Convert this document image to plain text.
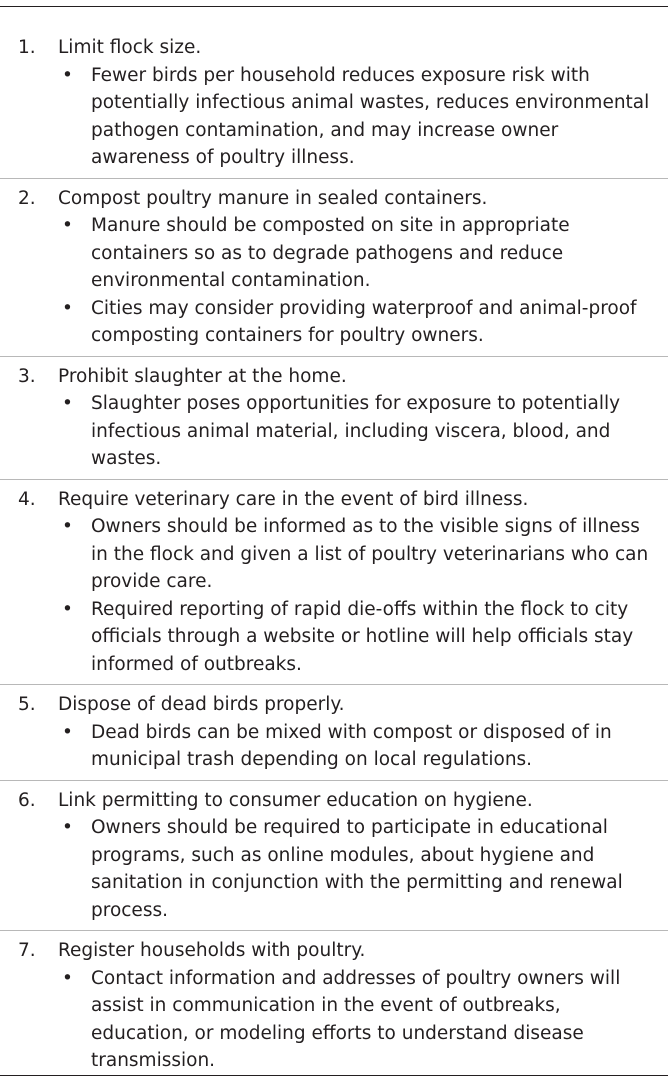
1. Limit flock size.
• Fewer birds per household reduces exposure risk with potentially infectious animal wastes, reduces environmental pathogen contamination, and may increase owner awareness of poultry illness.
2. Compost poultry manure in sealed containers.
• Manure should be composted on site in appropriate containers so as to degrade pathogens and reduce environmental contamination.
• Cities may consider providing waterproof and animal-proof composting containers for poultry owners.
3. Prohibit slaughter at the home.
• Slaughter poses opportunities for exposure to potentially infectious animal material, including viscera, blood, and wastes.
4. Require veterinary care in the event of bird illness.
• Owners should be informed as to the visible signs of illness in the flock and given a list of poultry veterinarians who can provide care.
• Required reporting of rapid die-offs within the flock to city officials through a website or hotline will help officials stay informed of outbreaks.
5. Dispose of dead birds properly.
• Dead birds can be mixed with compost or disposed of in municipal trash depending on local regulations.
6. Link permitting to consumer education on hygiene.
• Owners should be required to participate in educational programs, such as online modules, about hygiene and sanitation in conjunction with the permitting and renewal process.
7. Register households with poultry.
• Contact information and addresses of poultry owners will assist in communication in the event of outbreaks, education, or modeling efforts to understand disease transmission.
